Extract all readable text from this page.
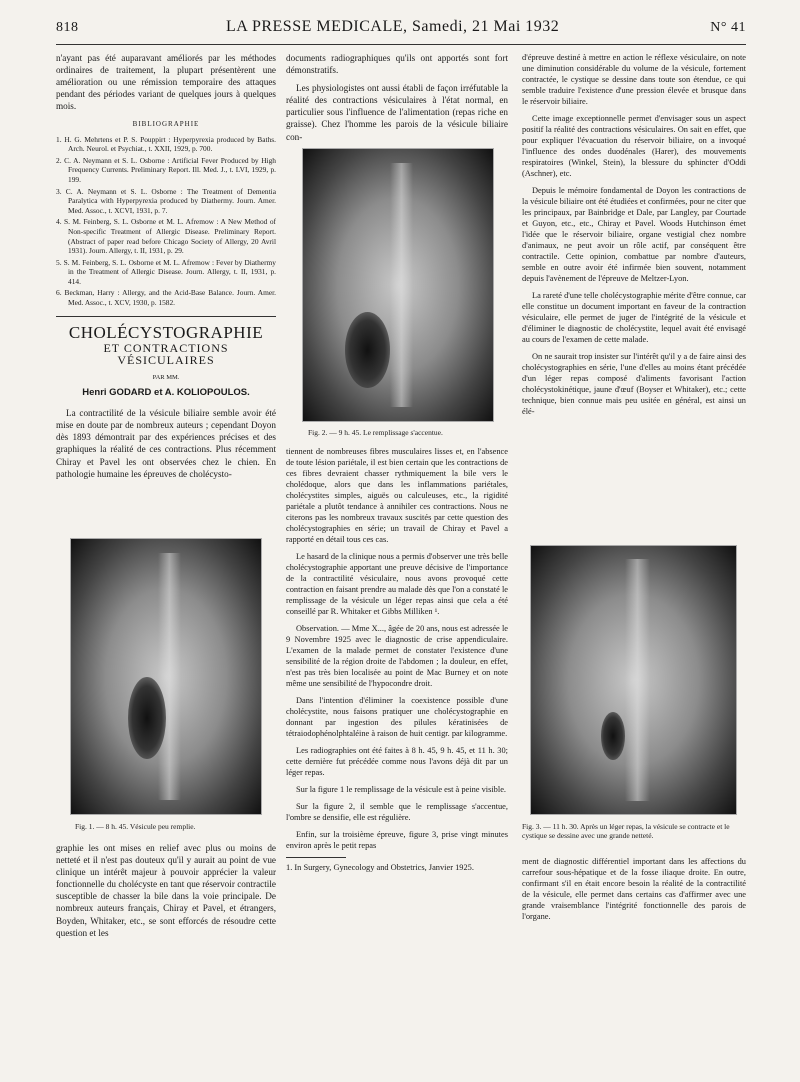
818	LA PRESSE MEDICALE, Samedi, 21 Mai 1932	N° 41

n'ayant pas été auparavant améliorés par les méthodes ordinaires de traitement, la plupart présentèrent une amélioration ou une rémission temporaire des attaques pendant des périodes variant de quelques jours à quelques mois.

BIBLIOGRAPHIE
1. H. G. Mehrtens et P. S. Pouppirt : Hyperpyrexia produced by Baths. Arch. Neurol. et Psychiat., t. XXII, 1929, p. 700.
2. C. A. Neymann et S. L. Osborne : Artificial Fever Produced by High Frequency Currents. Preliminary Report. Ill. Med. J., t. LVI, 1929, p. 199.
3. C. A. Neymann et S. L. Osborne : The Treatment of Dementia Paralytica with Hyperpyrexia produced by Diathermy. Journ. Amer. Med. Assoc., t. XCVI, 1931, p. 7.
4. S. M. Feinberg, S. L. Osborne et M. L. Afremow : A New Method of Non-specific Treatment of Allergic Disease. Preliminary Report. (Abstract of paper read before Chicago Society of Allergy, 20 Avril 1931). Journ. Allergy, t. II, 1931, p. 29.
5. S. M. Feinberg, S. L. Osborne et M. L. Afremow : Fever by Diathermy in the Treatment of Allergic Disease. Journ. Allergy, t. II, 1931, p. 414.
6. Beckman, Harry : Allergy, and the Acid-Base Balance. Journ. Amer. Med. Assoc., t. XCV, 1930, p. 1582.
CHOLÉCYSTOGRAPHIE
ET CONTRACTIONS VÉSICULAIRES
PAR MM.
Henri GODARD et A. KOLIOPOULOS.

La contractilité de la vésicule biliaire semble avoir été mise en doute par de nombreux auteurs ; cependant Doyon dès 1893 démontrait par des expériences précises et des graphiques la réalité de ces contractions. Plus récemment Chiray et Pavel les ont observées chez le chien. En pathologie humaine les épreuves de cholécysto-

Fig. 1. — 8 h. 45. Vésicule peu remplie.

graphie les ont mises en relief avec plus ou moins de netteté et il n'est pas douteux qu'il y aurait au point de vue clinique un intérêt majeur à pouvoir apprécier la valeur fonctionnelle du cholécyste en tant que réservoir contractile susceptible de chasser la bile dans la voie principale. De nombreux auteurs français, Chiray et Pavel, et étrangers, Boyden, Whitaker, etc., se sont efforcés de résoudre cette question et les

documents radiographiques qu'ils ont apportés sont fort démonstratifs.

Les physiologistes ont aussi établi de façon irréfutable la réalité des contractions vésiculaires à l'état normal, en particulier sous l'influence de l'alimentation (repas riche en graisse). Chez l'homme les parois de la vésicule biliaire con-

Fig. 2. — 9 h. 45. Le remplissage s'accentue.

tiennent de nombreuses fibres musculaires lisses et, en l'absence de toute lésion pariétale, il est bien certain que les contractions de ces fibres devraient chasser rythmiquement la bile vers le cholédoque, alors que dans les inflammations pariétales, cholécystites simples, aiguës ou calculeuses, etc., la rigidité pariétale a plutôt tendance à annihiler ces contractions. Nous ne citerons pas les nombreux travaux suscités par cette question des cholécystographies en série; un travail de Chiray et Pavel a rapporté en détail tous ces cas.

Le hasard de la clinique nous a permis d'observer une très belle cholécystographie apportant une preuve décisive de l'importance de la contractilité vésiculaire, nous avons provoqué cette contraction en faisant prendre au malade dès que l'on a constaté le remplissage de la vésicule un léger repas ainsi que cela a été conseillé par R. Whitaker et Gibbs Milliken ¹.

Observation. — Mme X..., âgée de 20 ans, nous est adressée le 9 Novembre 1925 avec le diagnostic de crise appendiculaire. L'examen de la malade permet de constater l'existence d'une sensibilité de la région droite de l'abdomen ; la douleur, en effet, n'est pas très bien localisée au point de Mac Burney et on note même une sensibilité de l'hypocondre droit.

Dans l'intention d'éliminer la coexistence possible d'une cholécystite, nous faisons pratiquer une cholécystographie en donnant par ingestion des pilules kératinisées de tétraiodophénolphtaléine à raison de huit centigr. par kilogramme.

Les radiographies ont été faites à 8 h. 45, 9 h. 45, et 11 h. 30; cette dernière fut précédée comme nous l'avons déjà dit par un léger repas.

Sur la figure 1 le remplissage de la vésicule est à peine visible.

Sur la figure 2, il semble que le remplissage s'accentue, l'ombre se densifie, elle est régulière.

Enfin, sur la troisième épreuve, figure 3, prise vingt minutes environ après le petit repas

1. In Surgery, Gynecology and Obstetrics, Janvier 1925.

d'épreuve destiné à mettre en action le réflexe vésiculaire, on note une diminution considérable du volume de la vésicule, fortement contractée, le cystique se dessine dans toute son étendue, ce qui semble traduire l'existence d'une pression élevée et brusque dans le réservoir biliaire.

Cette image exceptionnelle permet d'envisager sous un aspect positif la réalité des contractions vésiculaires. On sait en effet, que pour expliquer l'évacuation du réservoir biliaire, on a invoqué l'influence des ondes duodénales (Harer), des mouvements respiratoires (Winkel, Stein), la blessure du sphincter d'Oddi (Aschner), etc.

Depuis le mémoire fondamental de Doyon les contractions de la vésicule biliaire ont été étudiées et confirmées, pour ne citer que les principaux, par Bainbridge et Dale, par Langley, par Courtade et Guyon, etc., etc., Chiray et Pavel. Woods Hutchinson émet l'idée que le réservoir biliaire, organe vestigial chez nombre d'animaux, ne peut avoir un rôle actif, par conséquent être contractile. Cette opinion, combattue par nombre d'auteurs, semble en outre avoir été infirmée bien souvent, notamment depuis l'avènement de l'épreuve de Meltzer-Lyon.

La rareté d'une telle cholécystographie mérite d'être connue, car elle constitue un document important en faveur de la contraction vésiculaire, elle permet de juger de l'intégrité de la vésicule et d'éliminer le diagnostic de cholécystite, lequel avait été envisagé au cours de l'examen de cette malade.

On ne saurait trop insister sur l'intérêt qu'il y a de faire ainsi des cholécystographies en série, l'une d'elles au moins étant précédée d'un léger repas composé d'aliments favorisant l'action cholécystokinétique, jaune d'œuf (Boyser et Whitaker), etc.; cette technique, bien connue mais peu usitée en général, est ainsi un élé-

Fig. 3. — 11 h. 30. Après un léger repas, la vésicule se contracte et le cystique se dessine avec une grande netteté.

ment de diagnostic différentiel important dans les affections du carrefour sous-hépatique et de la fosse iliaque droite. En outre, confirmant s'il en était encore besoin la réalité de la contractilité de la vésicule, elle permet dans certains cas d'affirmer avec une grande vraisemblance l'intégrité fonctionnelle des parois de l'organe.
